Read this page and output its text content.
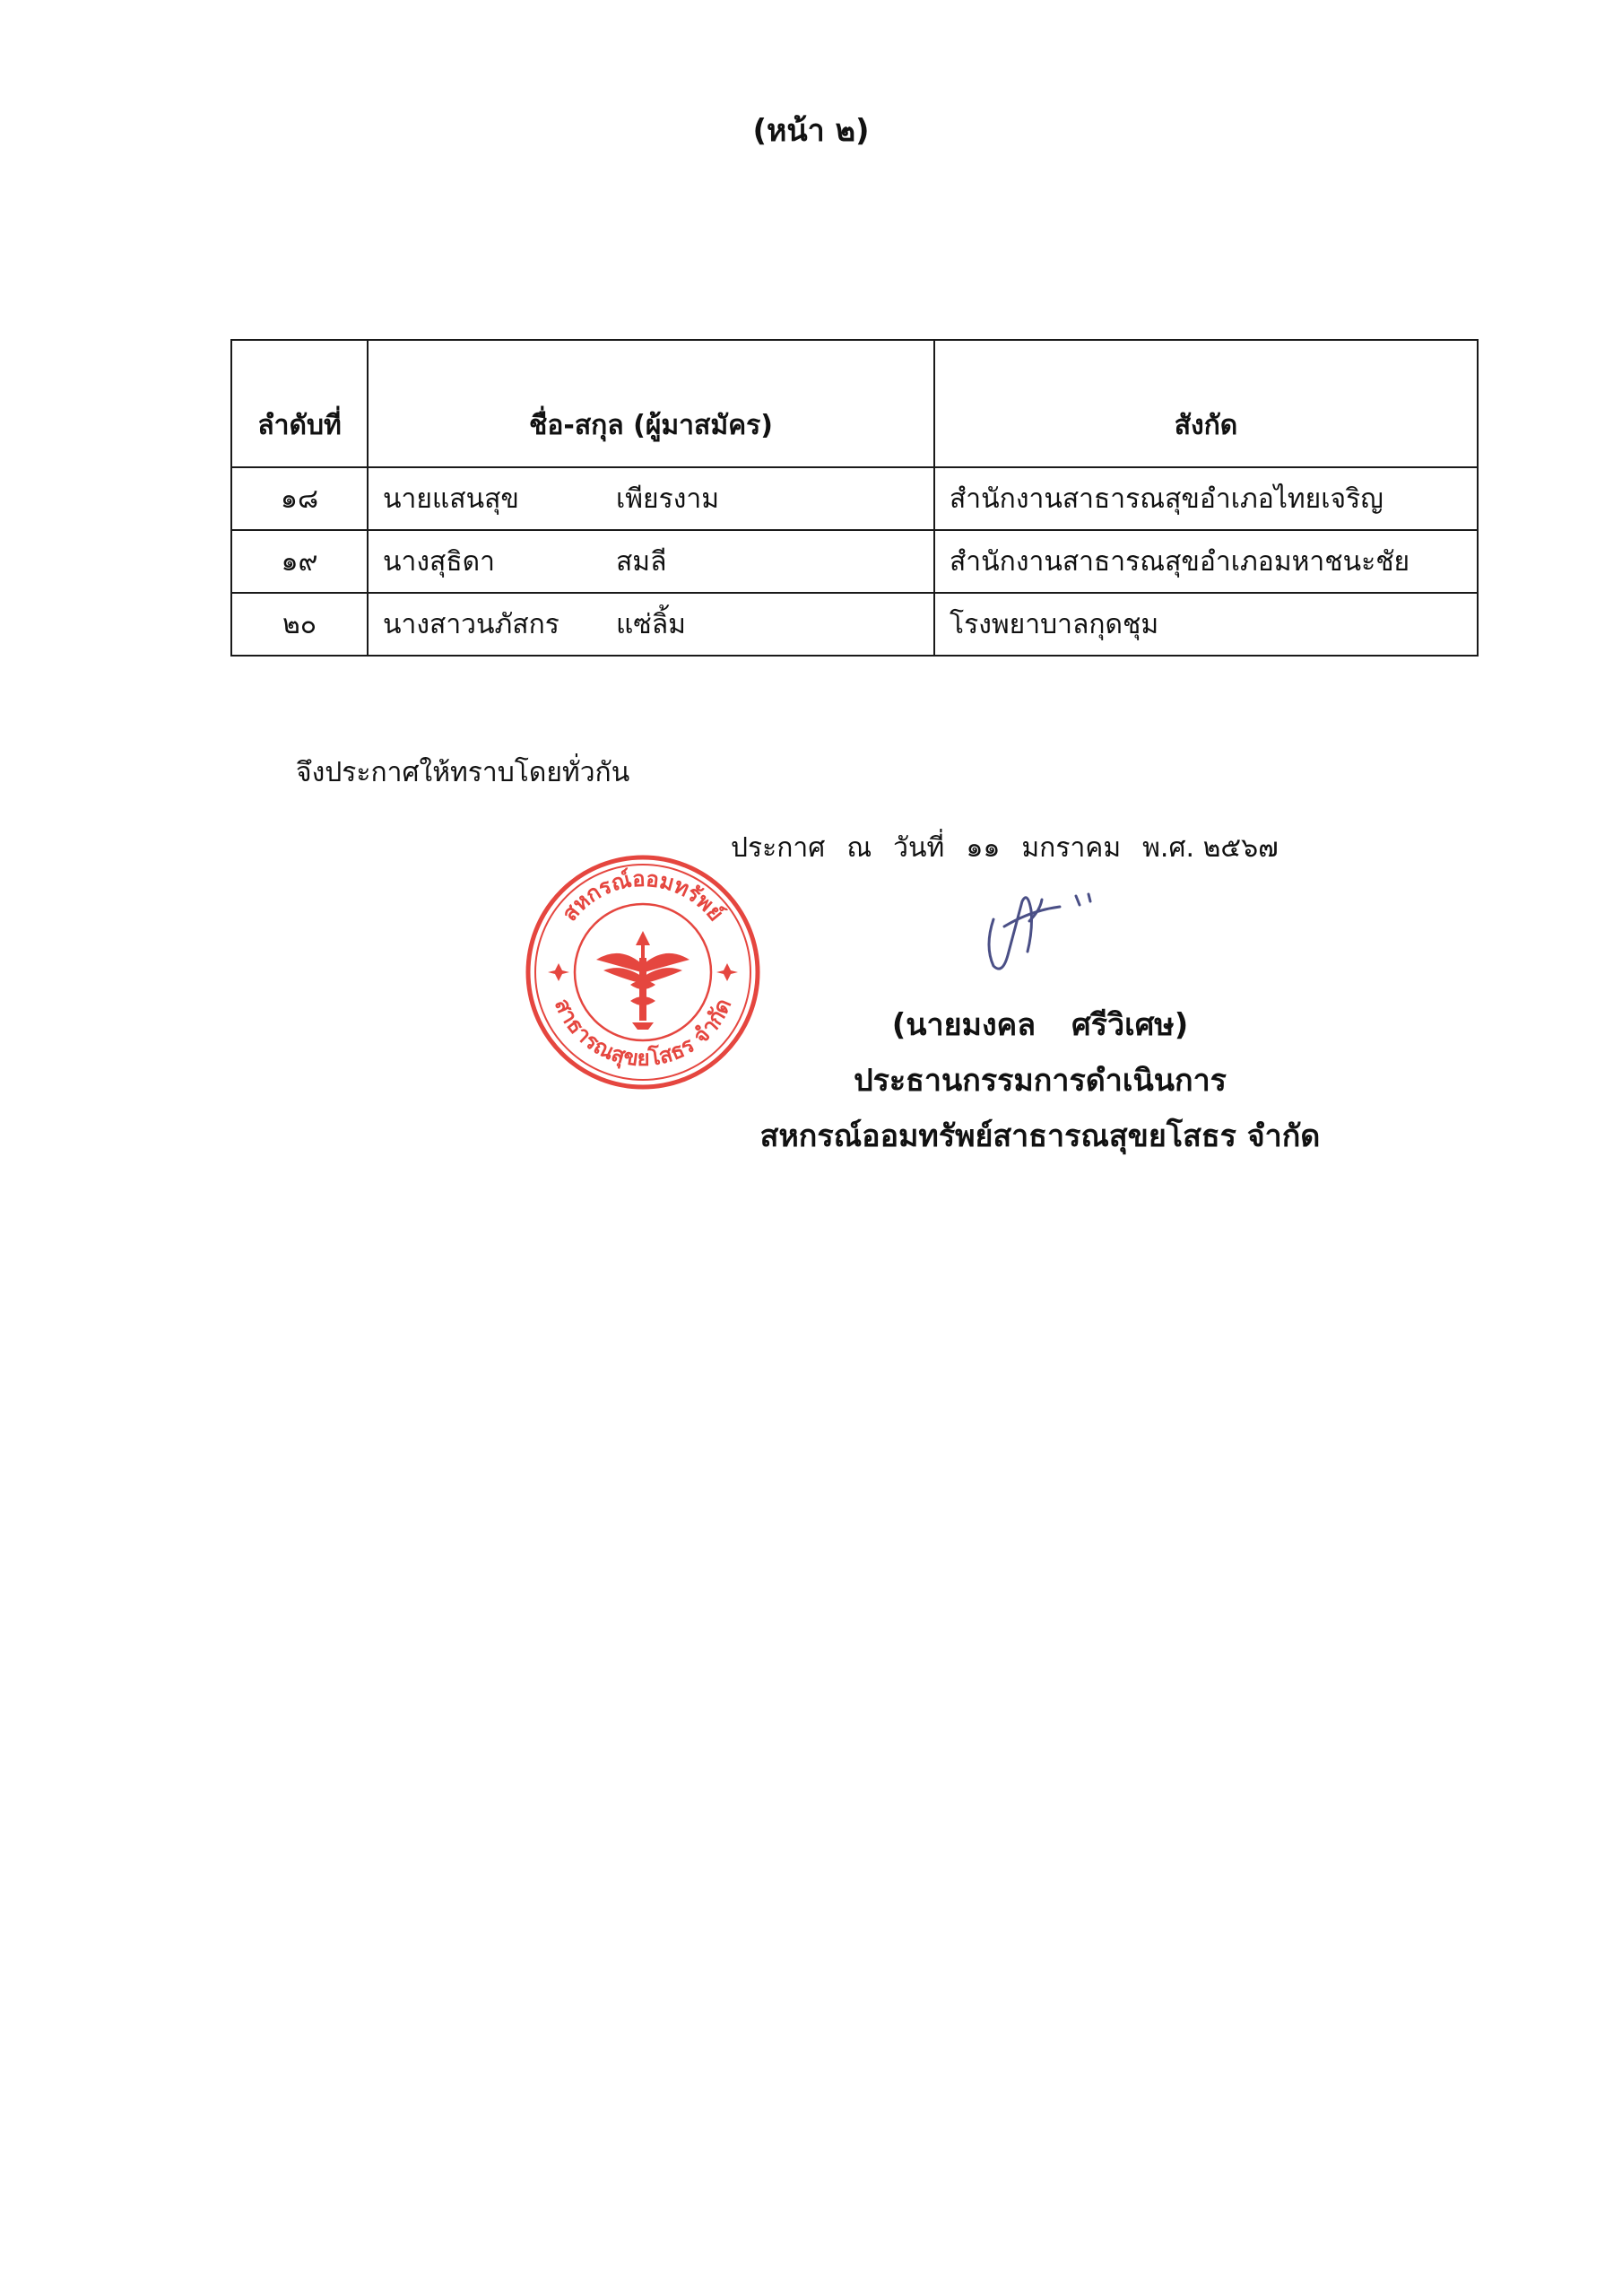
(หน้า ๒)
ลำดับที่	ชื่อ-สกุล (ผู้มาสมัคร)	สังกัด
๑๘	นายแสนสุข เพียรงาม	สำนักงานสาธารณสุขอำเภอไทยเจริญ
๑๙	นางสุธิดา สมลี	สำนักงานสาธารณสุขอำเภอมหาชนะชัย
๒๐	นางสาวนภัสกร แซ่ลิ้ม	โรงพยาบาลกุดชุม
จึงประกาศให้ทราบโดยทั่วกัน
ประกาศ ณ วันที่ ๑๑ มกราคม พ.ศ. ๒๕๖๗
สหกรณ์ออมทรัพย์
สาธารณสุขยโสธร จำกัด
(นายมงคล ศรีวิเศษ)
ประธานกรรมการดำเนินการ
สหกรณ์ออมทรัพย์สาธารณสุขยโสธร จำกัด
